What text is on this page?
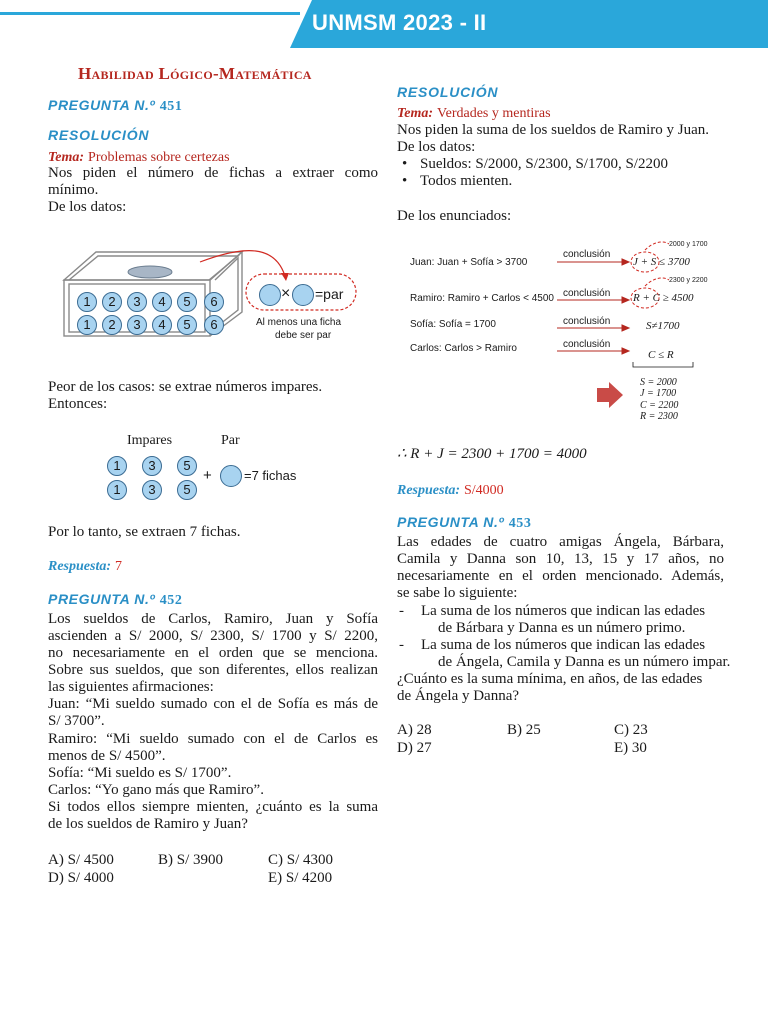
UNMSM 2023 - II
Habilidad Lógico-Matemática
PREGUNTA N.º 451
RESOLUCIÓN
Tema: Problemas sobre certezas
Nos piden el número de fichas a extraer como
mínimo.
De los datos:
1	2	3	4	5	6
1	2	3	4	5	6
× =par
Al menos una ficha
debe ser par
Peor de los casos: se extrae números impares.
Entonces:
Impares	Par
1	3	5
1	3	5
+ =7 fichas
Por lo tanto, se extraen 7 fichas.
Respuesta: 7
PREGUNTA N.º 452
Los sueldos de Carlos, Ramiro, Juan y Sofía
ascienden a S/ 2000, S/ 2300, S/ 1700 y S/ 2200,
no necesariamente en el orden que se menciona.
Sobre sus sueldos, que son diferentes, ellos realizan
las siguientes afirmaciones:
Juan: “Mi sueldo sumado con el de Sofía es más de
S/ 3700”.
Ramiro: “Mi sueldo sumado con el de Carlos es
menos de S/ 4500”.
Sofía: “Mi sueldo es S/ 1700”.
Carlos: “Yo gano más que Ramiro”.
Si todos ellos siempre mienten, ¿cuánto es la suma
de los sueldos de Ramiro y Juan?
A) S/ 4500	B) S/ 3900	C) S/ 4300
D) S/ 4000	E) S/ 4200
RESOLUCIÓN
Tema: Verdades y mentiras
Nos piden la suma de los sueldos de Ramiro y Juan.
De los datos:
• Sueldos: S/2000, S/2300, S/1700, S/2200
• Todos mienten.
De los enunciados:
Juan: Juan + Sofía > 3700
Ramiro: Ramiro + Carlos < 4500
Sofía: Sofía = 1700
Carlos: Carlos > Ramiro
conclusión
conclusión
conclusión
conclusión
2000 y 1700
2300 y 2200
J + S ≤ 3700
R + C ≥ 4500
S≠1700
C ≤ R
S = 2000
J = 1700
C = 2200
R = 2300
∴ R + J = 2300 + 1700 = 4000
Respuesta: S/4000
PREGUNTA N.º 453
Las edades de cuatro amigas Ángela, Bárbara,
Camila y Danna son 10, 13, 15 y 17 años, no
necesariamente en el orden mencionado. Además,
se sabe lo siguiente:
- La suma de los números que indican las edades
de Bárbara y Danna es un número primo.
- La suma de los números que indican las edades
de Ángela, Camila y Danna es un número impar.
¿Cuánto es la suma mínima, en años, de las edades
de Ángela y Danna?
A) 28	B) 25	C) 23
D) 27	E) 30
